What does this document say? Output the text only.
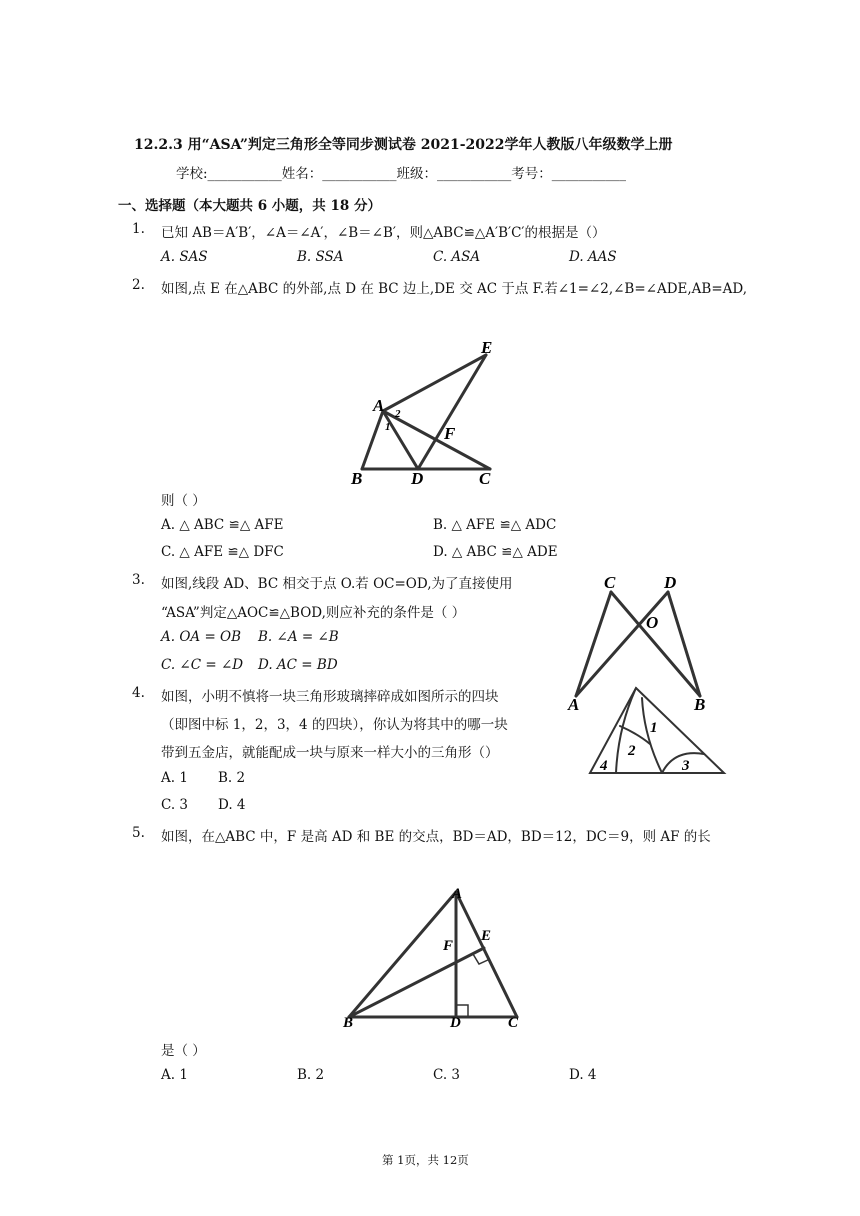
12.2.3 用“ASA”判定三角形全等同步测试卷 2021-2022学年人教版八年级数学上册
学校:___________姓名：___________班级：___________考号：___________
一、选择题（本大题共 6 小题，共 18 分）
1. 已知 AB＝A′B′，∠A＝∠A′，∠B＝∠B′，则△ABC≌△A′B′C′的根据是（）
A. SAS	B. SSA	C. ASA	D. AAS
2. 如图,点 E 在△ABC 的外部,点 D 在 BC 边上,DE 交 AC 于点 F.若∠1=∠2,∠B=∠ADE,AB=AD,
E
A
1
2
F
B	D	C
则（ ）
A. △ ABC ≌△ AFE	B. △ AFE ≌△ ADC
C. △ AFE ≌△ DFC	D. △ ABC ≌△ ADE
3. 如图,线段 AD、BC 相交于点 O.若 OC=OD,为了直接使用
“ASA”判定△AOC≌△BOD,则应补充的条件是（ ）
A. OA = OB B. ∠A = ∠B
C. ∠C = ∠D D. AC = BD
C	D
O
A	B
4. 如图，小明不慎将一块三角形玻璃摔碎成如图所示的四块
（即图中标 1，2，3，4 的四块），你认为将其中的哪一块
带到五金店，就能配成一块与原来一样大小的三角形（）
A. 1 B. 2
C. 3 D. 4
1
2
3
4
5. 如图，在△ABC 中，F 是高 AD 和 BE 的交点，BD＝AD，BD＝12，DC＝9，则 AF 的长
A
E
F
B	D	C
是（ ）
A. 1	B. 2	C. 3	D. 4
第 1页，共 12页
